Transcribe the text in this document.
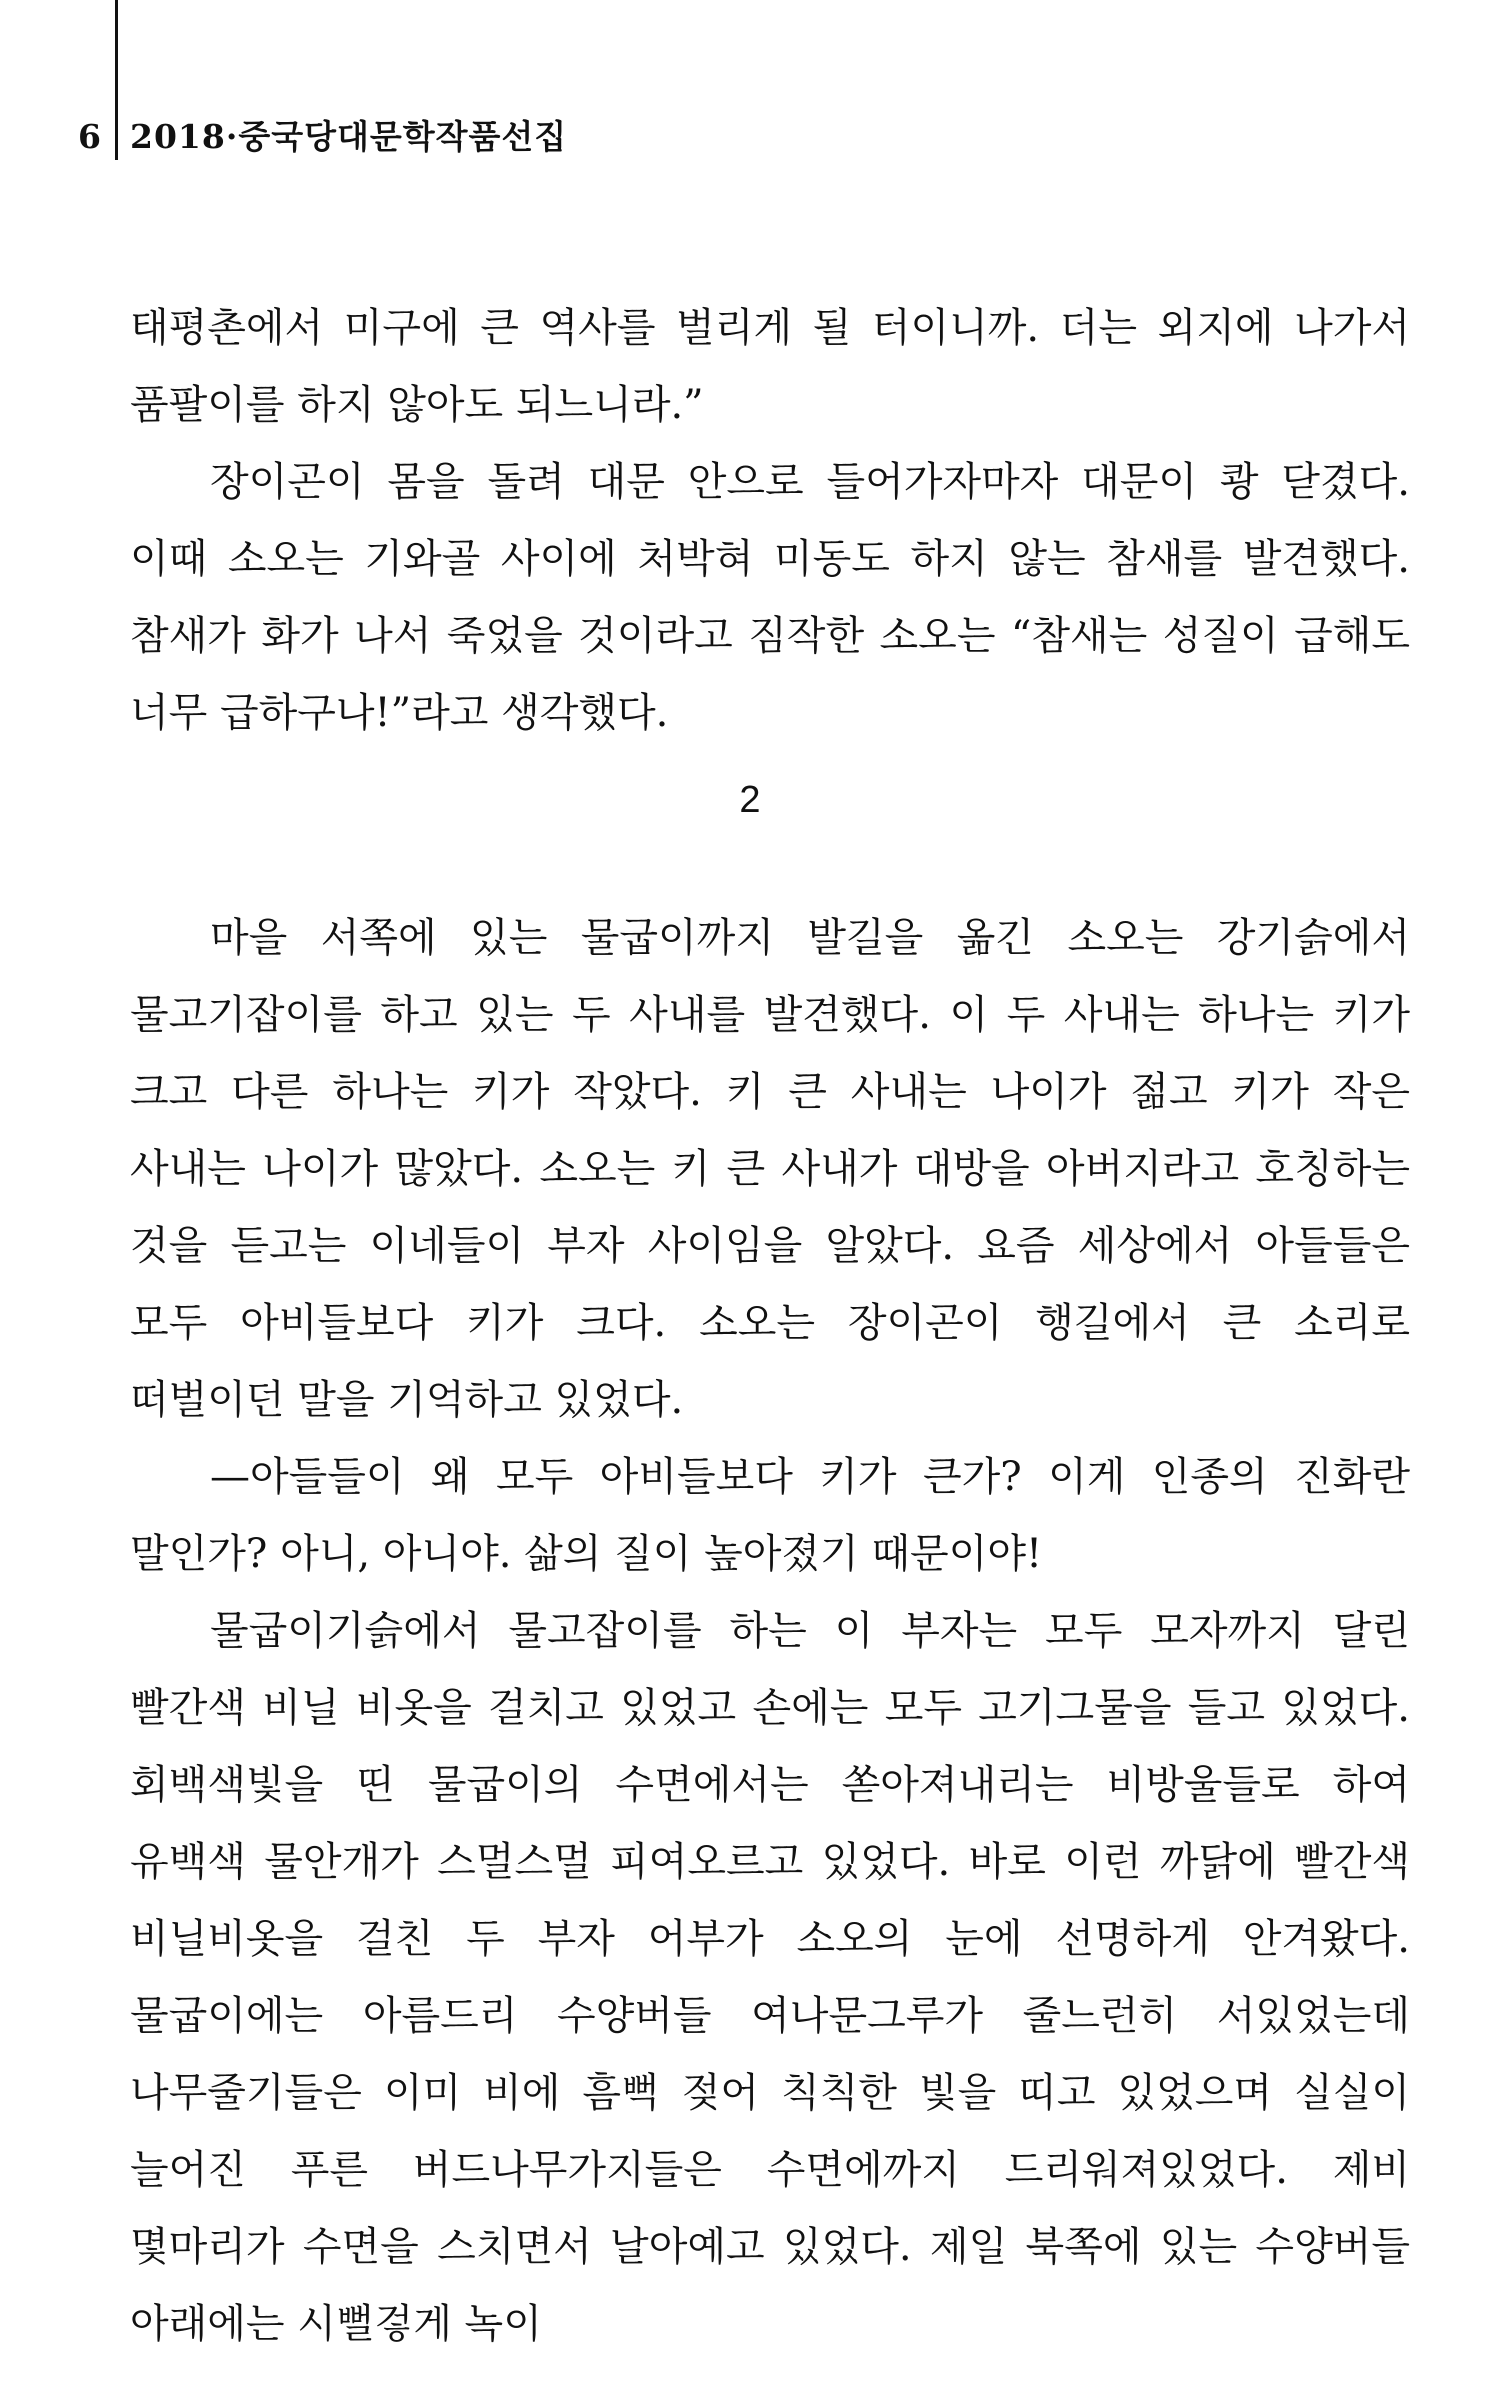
6 2018·중국당대문학작품선집

태평촌에서 미구에 큰 역사를 벌리게 될 터이니까. 더는 외지에 나가서 품팔이를 하지 않아도 되느니라.”

장이곤이 몸을 돌려 대문 안으로 들어가자마자 대문이 쾅 닫겼다. 이때 소오는 기와골 사이에 처박혀 미동도 하지 않는 참새를 발견했다. 참새가 화가 나서 죽었을 것이라고 짐작한 소오는 “참새는 성질이 급해도 너무 급하구나!”라고 생각했다.

2

마을 서쪽에 있는 물굽이까지 발길을 옮긴 소오는 강기슭에서 물고기잡이를 하고 있는 두 사내를 발견했다. 이 두 사내는 하나는 키가 크고 다른 하나는 키가 작았다. 키 큰 사내는 나이가 젊고 키가 작은 사내는 나이가 많았다. 소오는 키 큰 사내가 대방을 아버지라고 호칭하는 것을 듣고는 이네들이 부자 사이임을 알았다. 요즘 세상에서 아들들은 모두 아비들보다 키가 크다. 소오는 장이곤이 행길에서 큰 소리로 떠벌이던 말을 기억하고 있었다.

—아들들이 왜 모두 아비들보다 키가 큰가? 이게 인종의 진화란 말인가? 아니, 아니야. 삶의 질이 높아졌기 때문이야!

물굽이기슭에서 물고잡이를 하는 이 부자는 모두 모자까지 달린 빨간색 비닐 비옷을 걸치고 있었고 손에는 모두 고기그물을 들고 있었다. 회백색빛을 띤 물굽이의 수면에서는 쏟아져내리는 비방울들로 하여 유백색 물안개가 스멀스멀 피여오르고 있었다. 바로 이런 까닭에 빨간색 비닐비옷을 걸친 두 부자 어부가 소오의 눈에 선명하게 안겨왔다. 물굽이에는 아름드리 수양버들 여나문그루가 줄느런히 서있었는데 나무줄기들은 이미 비에 흠뻑 젖어 칙칙한 빛을 띠고 있었으며 실실이 늘어진 푸른 버드나무가지들은 수면에까지 드리워져있었다. 제비 몇마리가 수면을 스치면서 날아예고 있었다. 제일 북쪽에 있는 수양버들 아래에는 시뻘겋게 녹이
